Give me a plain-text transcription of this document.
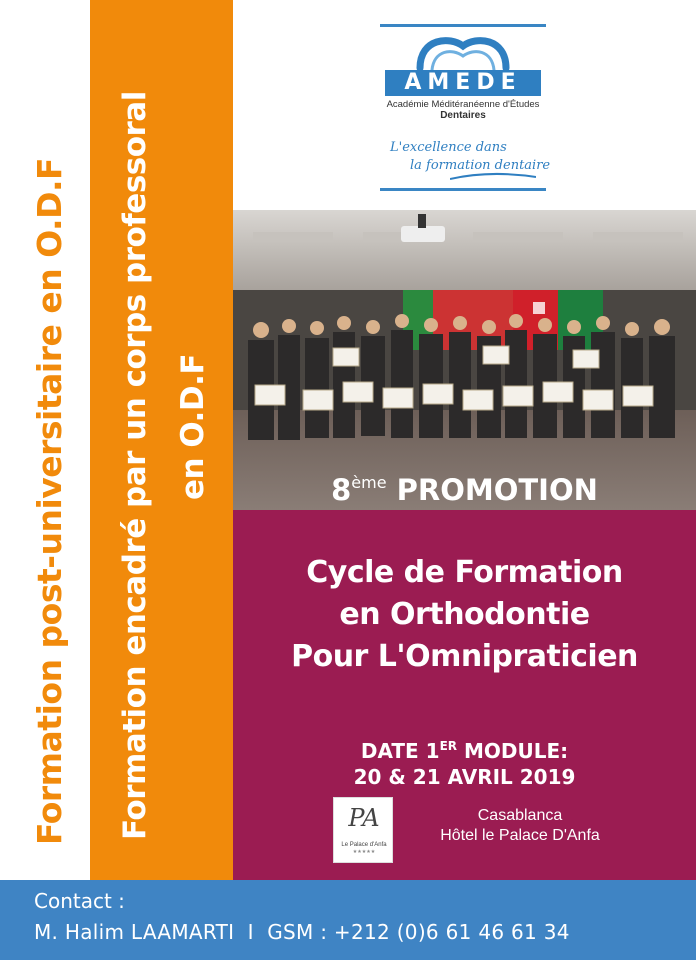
Formation post-universitaire en O.D.F Formation encadré par un corps professoral en O.D.F
AMEDE
Académie Méditéranéenne d'Études
Dentaires
L'excellence dans
la formation dentaire
8ème PROMOTION
Cycle de Formation
en Orthodontie
Pour L'Omnipraticien
DATE 1ER MODULE:
20 & 21 AVRIL 2019
PA
Le Palace d'Anfa
★★★★★
Casablanca
Hôtel le Palace D'Anfa
Contact :
M. Halim LAAMARTI I GSM : +212 (0)6 61 46 61 34
